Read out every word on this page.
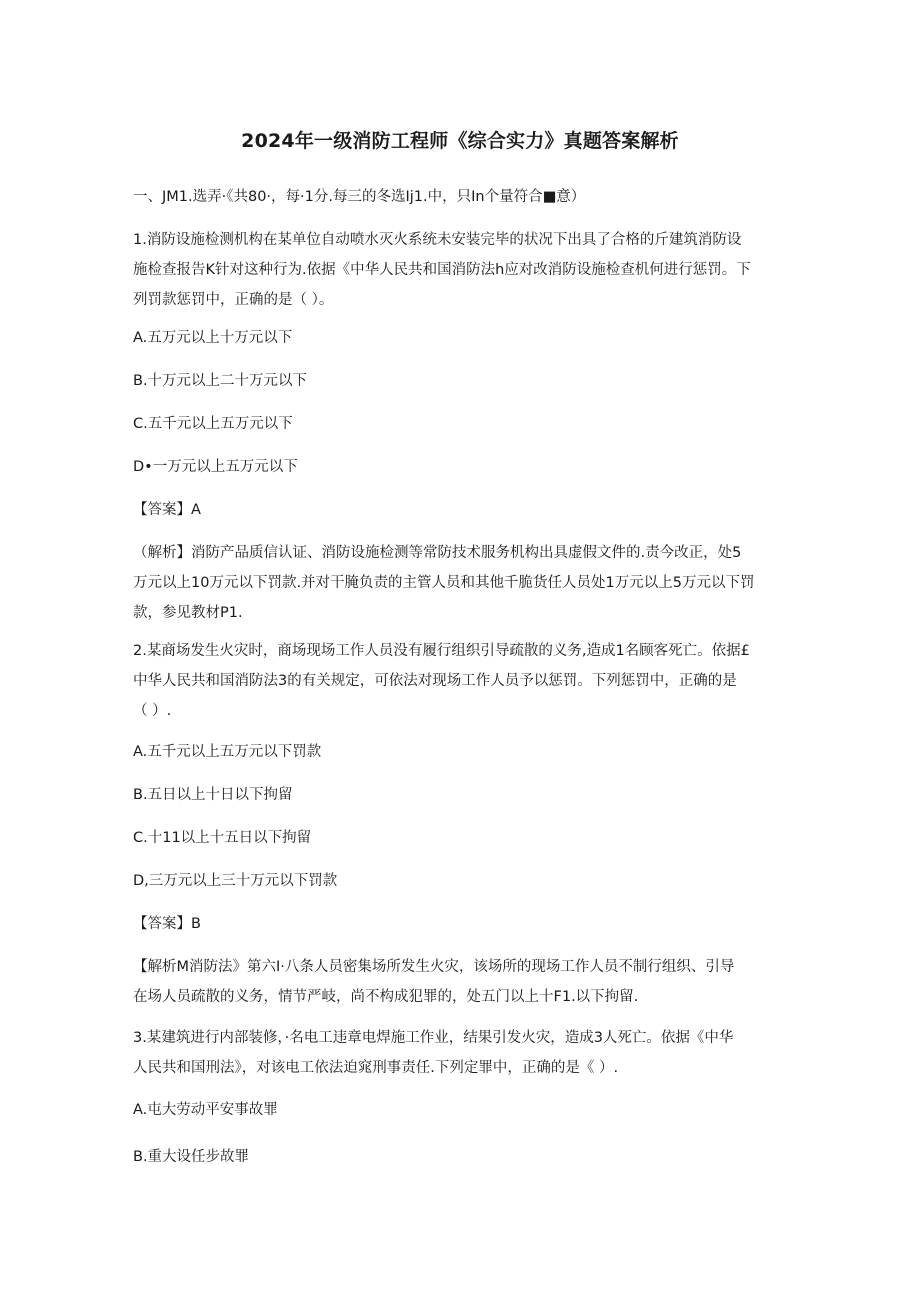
2024年一级消防工程师《综合实力》真题答案解析
一、JM1.选弄·《共80·，每·1分.每三的冬选Ij1.中，只In个量符合■意）
1.消防设施检测机构在某单位自动喷水灭火系统未安装完毕的状况下出具了合格的斤建筑消防设
施检查报告K针对这种行为.依据《中华人民共和国消防法h应对改消防设施检查机何进行惩罚。下
列罚款惩罚中，正确的是（ ）。
A.五万元以上十万元以下
B.十万元以上二十万元以下
C.五千元以上五万元以下
D•一万元以上五万元以下
【答案】A
（解析】消防产品质信认证、消防设施检测等常防技术服务机构出具虚假文件的.责今改正，处5
万元以上10万元以下罚款.并对干腌负责的主管人员和其他千脆货任人员处1万元以上5万元以下罚
款，参见教材P1.
2.某商场发生火灾时，商场现场工作人员没有履行组织引导疏散的义务,造成1名顾客死亡。依据£
中华人民共和国消防法3的有关规定，可依法对现场工作人员予以惩罚。下列惩罚中，正确的是
（ ）.
A.五千元以上五万元以下罚款
B.五日以上十日以下拘留
C.十11以上十五日以下拘留
D,三万元以上三十万元以下罚款
【答案】B
【解析M消防法》第六I·八条人员密集场所发生火灾，该场所的现场工作人员不制行组织、引导
在场人员疏散的义务，情节严岐，尚不构成犯罪的，处五门以上十F1.以下拘留.
3.某建筑进行内部装修，·名电工违章电焊施工作业，结果引发火灾，造成3人死亡。依据《中华
人民共和国刑法》，对该电工依法迫窕刑事责任.下列定罪中，正确的是《 ）.
A.屯大劳动平安事故罪
B.重大设任步故罪
